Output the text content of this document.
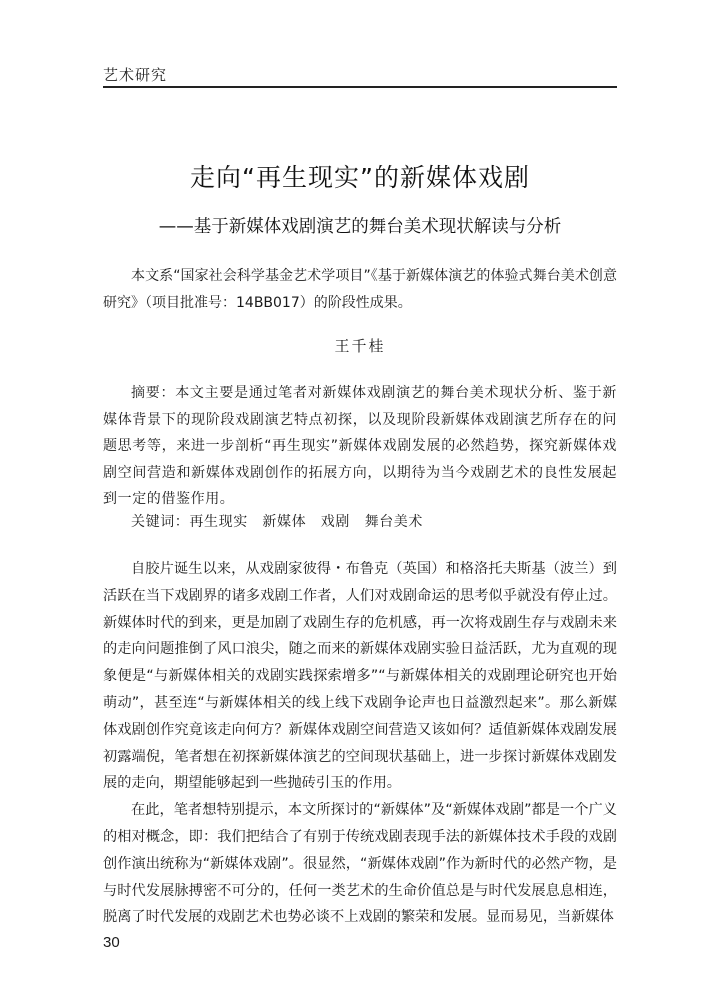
艺术研究
走向“再生现实”的新媒体戏剧
——基于新媒体戏剧演艺的舞台美术现状解读与分析
本文系“国家社会科学基金艺术学项目”《基于新媒体演艺的体验式舞台美术创意研究》（项目批准号：14BB017）的阶段性成果。
王千桂
摘要：本文主要是通过笔者对新媒体戏剧演艺的舞台美术现状分析、鉴于新媒体背景下的现阶段戏剧演艺特点初探，以及现阶段新媒体戏剧演艺所存在的问题思考等，来进一步剖析“再生现实”新媒体戏剧发展的必然趋势，探究新媒体戏剧空间营造和新媒体戏剧创作的拓展方向，以期待为当今戏剧艺术的良性发展起到一定的借鉴作用。
关键词：再生现实　新媒体　戏剧　舞台美术

自胶片诞生以来，从戏剧家彼得・布鲁克（英国）和格洛托夫斯基（波兰）到活跃在当下戏剧界的诸多戏剧工作者，人们对戏剧命运的思考似乎就没有停止过。新媒体时代的到来，更是加剧了戏剧生存的危机感，再一次将戏剧生存与戏剧未来的走向问题推倒了风口浪尖，随之而来的新媒体戏剧实验日益活跃，尤为直观的现象便是“与新媒体相关的戏剧实践探索增多”“与新媒体相关的戏剧理论研究也开始萌动”，甚至连“与新媒体相关的线上线下戏剧争论声也日益激烈起来”。那么新媒体戏剧创作究竟该走向何方？新媒体戏剧空间营造又该如何？适值新媒体戏剧发展初露端倪，笔者想在初探新媒体演艺的空间现状基础上，进一步探讨新媒体戏剧发展的走向，期望能够起到一些抛砖引玉的作用。

在此，笔者想特别提示，本文所探讨的“新媒体”及“新媒体戏剧”都是一个广义的相对概念，即：我们把结合了有别于传统戏剧表现手法的新媒体技术手段的戏剧创作演出统称为“新媒体戏剧”。很显然，“新媒体戏剧”作为新时代的必然产物，是与时代发展脉搏密不可分的，任何一类艺术的生命价值总是与时代发展息息相连，脱离了时代发展的戏剧艺术也势必谈不上戏剧的繁荣和发展。显而易见，当新媒体

30
